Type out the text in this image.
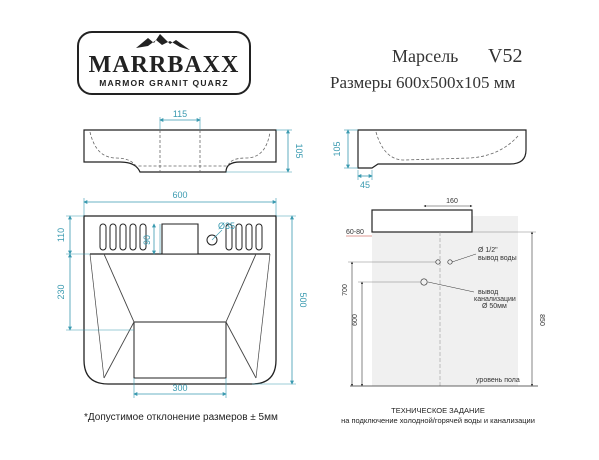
MARRBAXX
MARMOR GRANIT QUARZ
Марсель V52
Размеры 600x500x105 мм
115
105	105
45
600
90
Ø35
110
230
500
300
160
60-80
Ø 1/2"
вывод воды
вывод
канализации
Ø 50мм
700
600	850
уровень пола
*Допустимое отклонение размеров ± 5мм
ТЕХНИЧЕСКОЕ ЗАДАНИЕ
на подключение холодной/горячей воды и канализации
